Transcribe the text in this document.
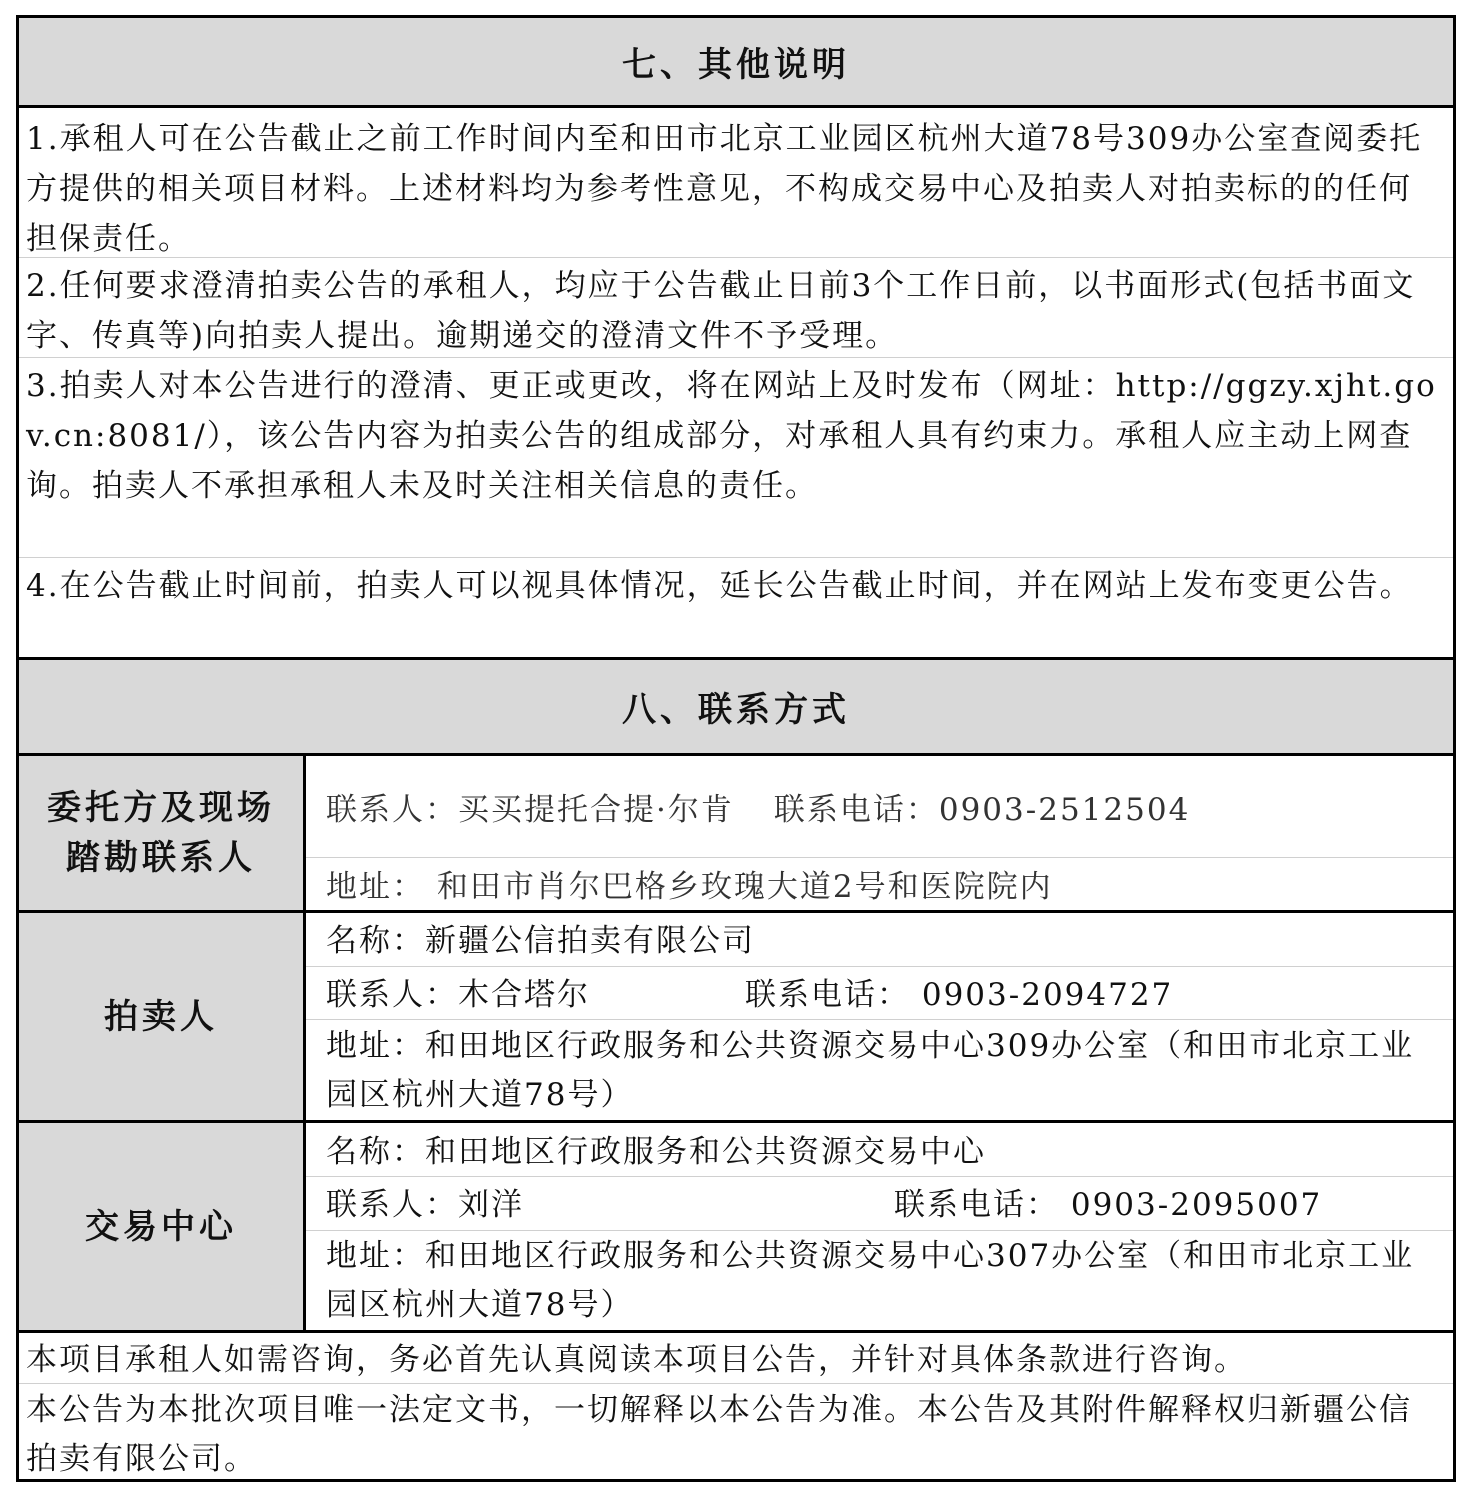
七、其他说明
1.承租人可在公告截止之前工作时间内至和田市北京工业园区杭州大道78号309办公室查阅委托方提供的相关项目材料。上述材料均为参考性意见，不构成交易中心及拍卖人对拍卖标的的任何担保责任。
2.任何要求澄清拍卖公告的承租人，均应于公告截止日前3个工作日前，以书面形式(包括书面文字、传真等)向拍卖人提出。逾期递交的澄清文件不予受理。
3.拍卖人对本公告进行的澄清、更正或更改，将在网站上及时发布（网址：http://ggzy.xjht.gov.cn:8081/），该公告内容为拍卖公告的组成部分，对承租人具有约束力。承租人应主动上网查询。拍卖人不承担承租人未及时关注相关信息的责任。
4.在公告截止时间前，拍卖人可以视具体情况，延长公告截止时间，并在网站上发布变更公告。
八、联系方式
委托方及现场
踏勘联系人
联系人：买买提托合提·尔肯 联系电话：0903-2512504
地址： 和田市肖尔巴格乡玫瑰大道2号和医院院内
拍卖人
名称：新疆公信拍卖有限公司
联系人：木合塔尔	联系电话： 0903-2094727
地址：和田地区行政服务和公共资源交易中心309办公室（和田市北京工业园区杭州大道78号）
交易中心
名称：和田地区行政服务和公共资源交易中心
联系人：刘洋	联系电话： 0903-2095007
地址：和田地区行政服务和公共资源交易中心307办公室（和田市北京工业园区杭州大道78号）
本项目承租人如需咨询，务必首先认真阅读本项目公告，并针对具体条款进行咨询。
本公告为本批次项目唯一法定文书，一切解释以本公告为准。本公告及其附件解释权归新疆公信拍卖有限公司。
